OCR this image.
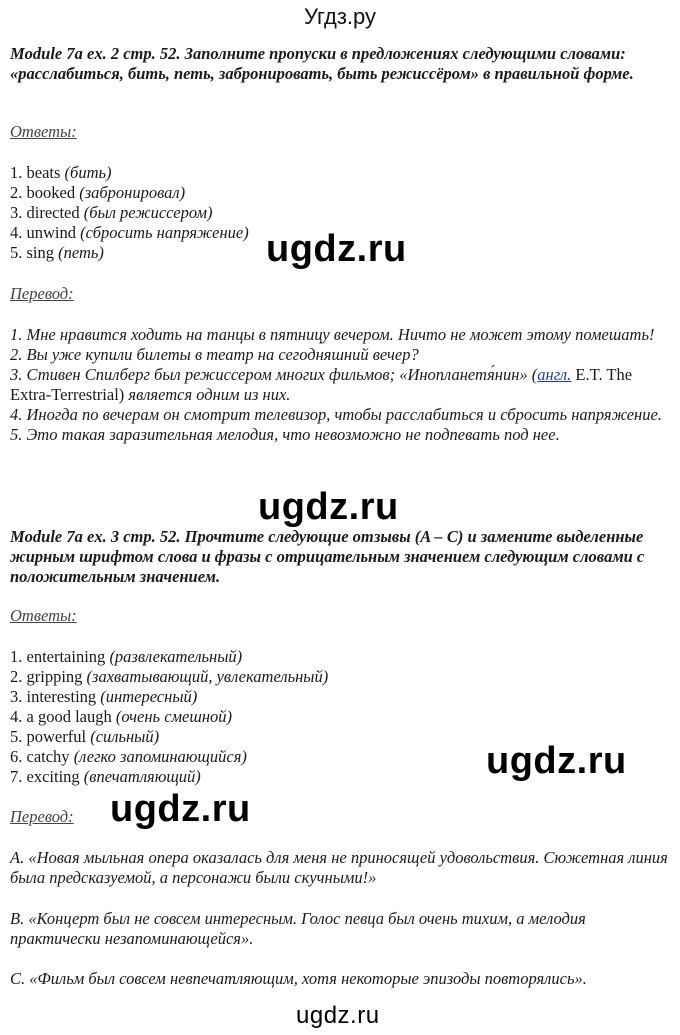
Угдз.ру
Module 7a ex. 2 стр. 52. Заполните пропуски в предложениях следующими словами: «расслабиться, бить, петь, забронировать, быть режиссёром» в правильной форме.
Ответы:
1. beats (бить)
2. booked (забронировал)
3. directed (был режиссером)
4. unwind (сбросить напряжение)
5. sing (петь)
Перевод:
1. Мне нравится ходить на танцы в пятницу вечером. Ничто не может этому помешать!
2. Вы уже купили билеты в театр на сегодняшний вечер?
3. Стивен Спилберг был режиссером многих фильмов; «Инопланетя́нин» (англ. E.T. The Extra-Terrestrial) является одним из них.
4. Иногда по вечерам он смотрит телевизор, чтобы расслабиться и сбросить напряжение.
5. Это такая заразительная мелодия, что невозможно не подпевать под нее.
Module 7a ex. 3 стр. 52. Прочтите следующие отзывы (A – C) и замените выделенные жирным шрифтом слова и фразы с отрицательным значением следующим словами с положительным значением.
Ответы:
1. entertaining (развлекательный)
2. gripping (захватывающий, увлекательный)
3. interesting (интересный)
4. a good laugh (очень смешной)
5. powerful (сильный)
6. catchy (легко запоминающийся)
7. exciting (впечатляющий)
Перевод:
A. «Новая мыльная опера оказалась для меня не приносящей удовольствия. Сюжетная линия была предсказуемой, а персонажи были скучными!»
B. «Концерт был не совсем интересным. Голос певца был очень тихим, а мелодия практически незапоминающейся».
C. «Фильм был совсем невпечатляющим, хотя некоторые эпизоды повторялись».
ugdz.ru
ugdz.ru
ugdz.ru
ugdz.ru
ugdz.ru
